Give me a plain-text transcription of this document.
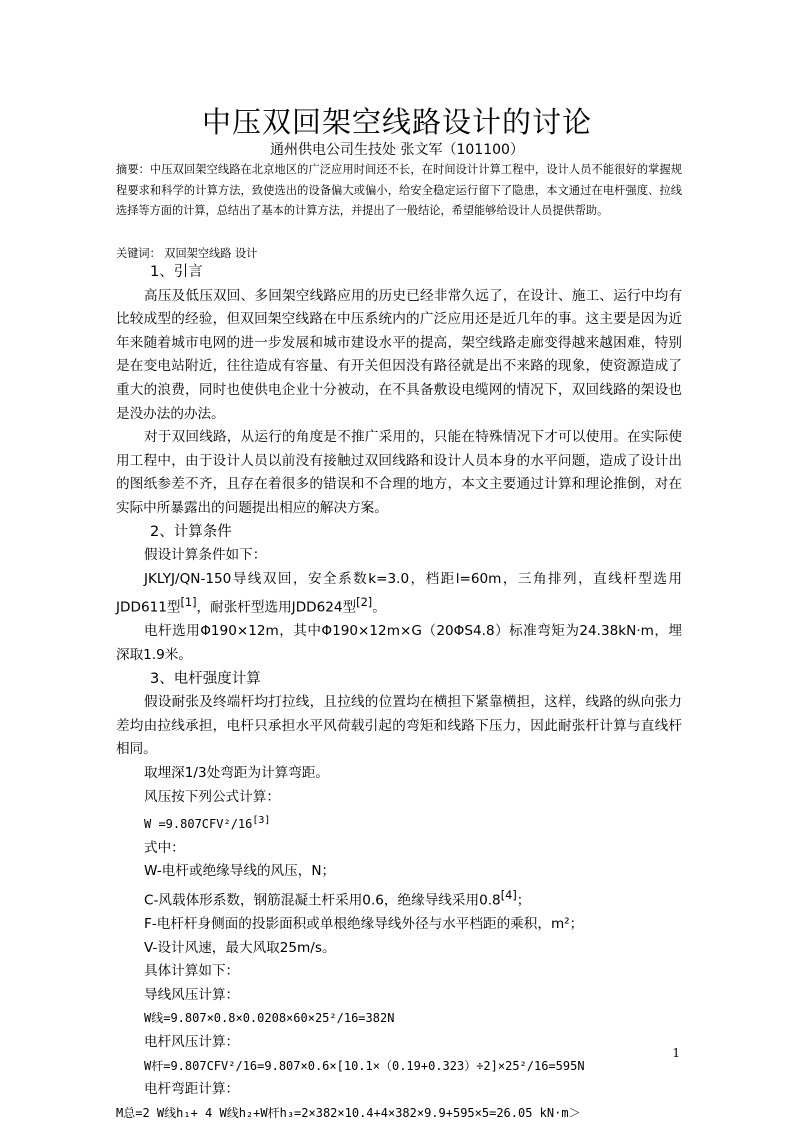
中压双回架空线路设计的讨论
通州供电公司生技处 张文军（101100）
摘要：中压双回架空线路在北京地区的广泛应用时间还不长，在时间设计计算工程中，设计人员不能很好的掌握规程要求和科学的计算方法，致使选出的设备偏大或偏小，给安全稳定运行留下了隐患，本文通过在电杆强度、拉线选择等方面的计算，总结出了基本的计算方法，并提出了一般结论，希望能够给设计人员提供帮助。
关键词： 双回架空线路 设计

1、引言

高压及低压双回、多回架空线路应用的历史已经非常久远了，在设计、施工、运行中均有比较成型的经验，但双回架空线路在中压系统内的广泛应用还是近几年的事。这主要是因为近年来随着城市电网的进一步发展和城市建设水平的提高，架空线路走廊变得越来越困难，特别是在变电站附近，往往造成有容量、有开关但因没有路径就是出不来路的现象，使资源造成了重大的浪费，同时也使供电企业十分被动，在不具备敷设电缆网的情况下，双回线路的架设也是没办法的办法。

对于双回线路，从运行的角度是不推广采用的，只能在特殊情况下才可以使用。在实际使用工程中，由于设计人员以前没有接触过双回线路和设计人员本身的水平问题，造成了设计出的图纸参差不齐，且存在着很多的错误和不合理的地方，本文主要通过计算和理论推倒，对在实际中所暴露出的问题提出相应的解决方案。

2、计算条件

假设计算条件如下：

JKLYJ/QN-150导线双回，安全系数k=3.0，档距l=60m，三角排列，直线杆型选用JDD611型[1]，耐张杆型选用JDD624型[2]。

电杆选用Φ190×12m，其中Φ190×12m×G（20ΦS4.8）标准弯矩为24.38kN·m，埋深取1.9米。

3、电杆强度计算

假设耐张及终端杆均打拉线，且拉线的位置均在横担下紧靠横担，这样，线路的纵向张力差均由拉线承担，电杆只承担水平风荷载引起的弯矩和线路下压力，因此耐张杆计算与直线杆相同。

取埋深1/3处弯距为计算弯距。

风压按下列公式计算：

W =9.807CFV²/16[3]

式中：

W-电杆或绝缘导线的风压，N；

C-风载体形系数，钢筋混凝土杆采用0.6，绝缘导线采用0.8[4]；

F-电杆杆身侧面的投影面积或单根绝缘导线外径与水平档距的乘积，m²；

V-设计风速，最大风取25m/s。

具体计算如下：

导线风压计算：

W线=9.807×0.8×0.0208×60×25²/16=382N

电杆风压计算：

W杆=9.807CFV²/16=9.807×0.6×[10.1×（0.19+0.323）÷2]×25²/16=595N

电杆弯距计算：

M总=2 W线h₁+ 4 W线h₂+W杆h₃=2×382×10.4+4×382×9.9+595×5=26.05 kN·m＞

1
